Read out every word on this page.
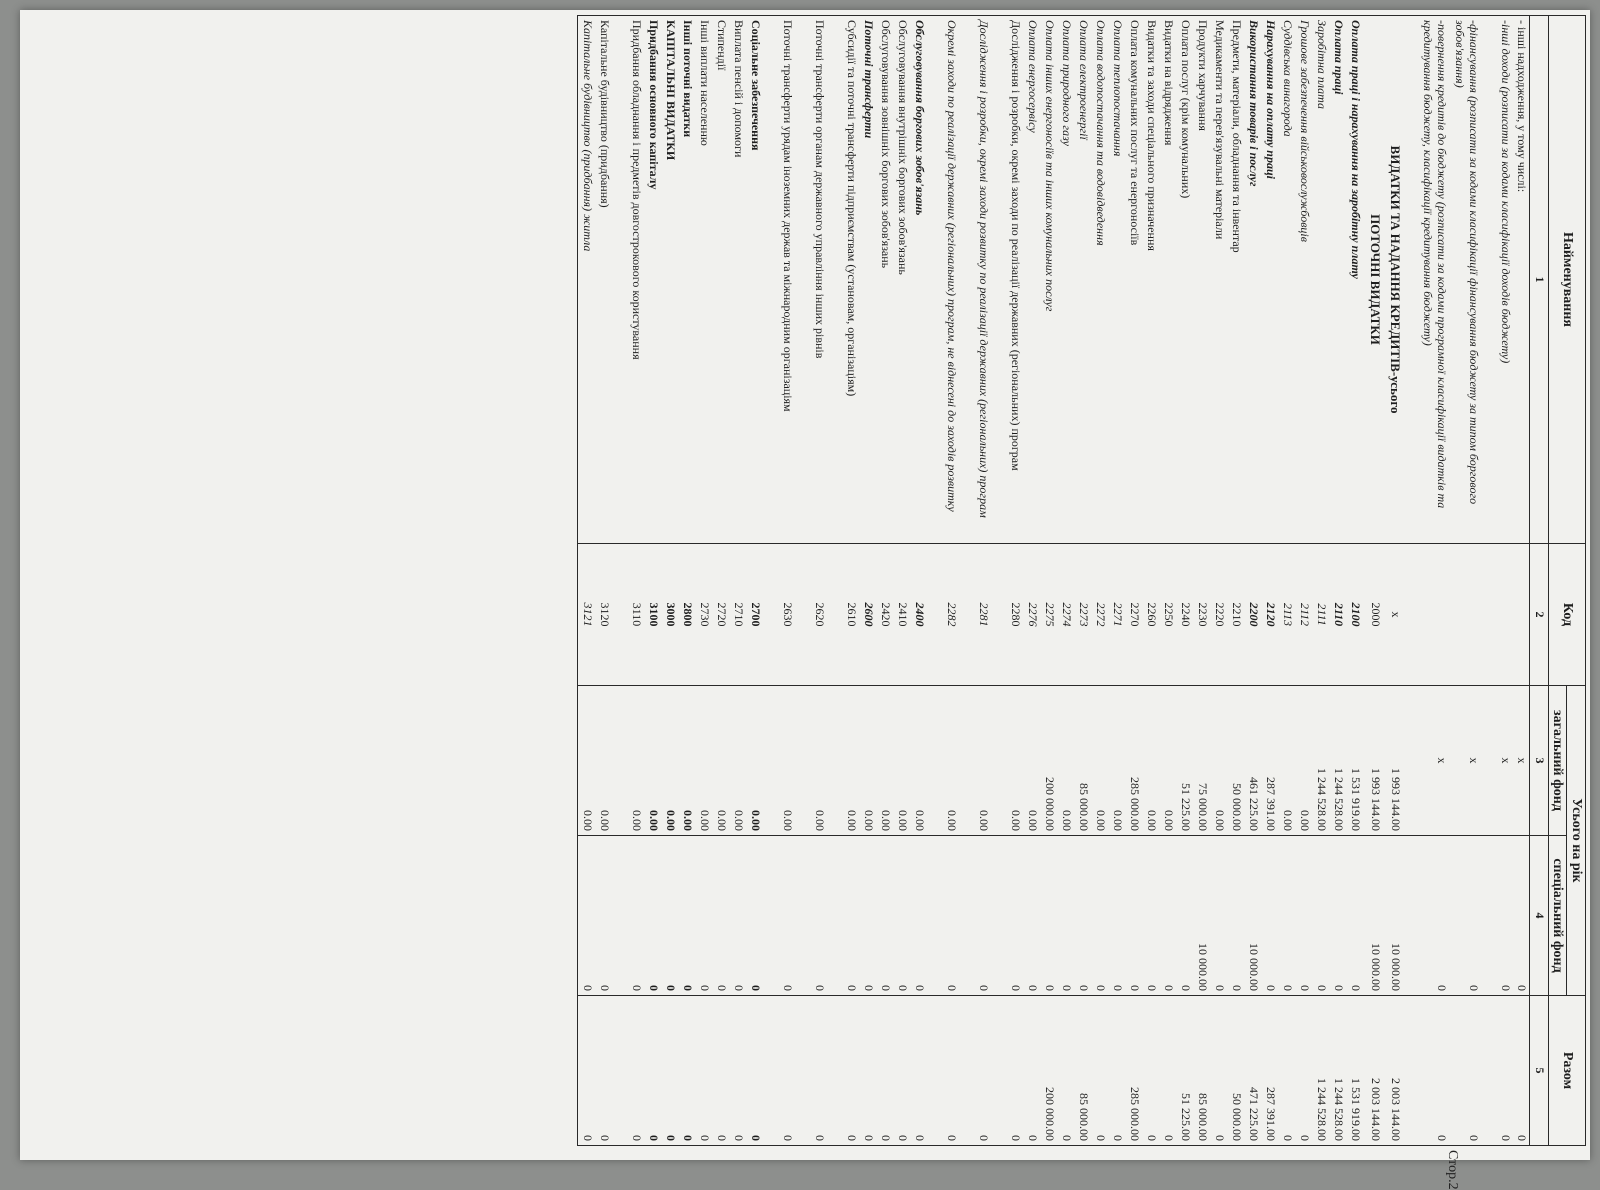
Найменування	Код	Усього на рік		Разом
		загальний фонд	спеціальний фонд	
1	2	3	4	5
- інші надходження, у тому числі:		x	0	0
-інші доходи (розписати за кодами класифікації доходів бюджету)		x	0	0
-фінансування (розписати за кодами класифікації фінансування бюджету за типом боргового зобов'язання)		x	0	0
-повернення кредитів до бюджету (розписати за кодами програмної класифікації видатків та кредитування бюджету, класифікації кредитування бюджету)		x	0	0
ВИДАТКИ ТА НАДАННЯ КРЕДИТІВ-усього	x	1 993 144.00	10 000.00	2 003 144.00
ПОТОЧНІ ВИДАТКИ	2000	1 993 144.00	10 000.00	2 003 144.00
Оплата праці і нарахування на заробітну плату	2100	1 531 919.00	0	1 531 919.00
Оплата праці	2110	1 244 528.00	0	1 244 528.00
Заробітна плата	2111	1 244 528.00	0	1 244 528.00
Грошове забезпечення військовослужбовців	2112	0.00	0	0
Суддівська винагорода	2113	0.00	0	0
Нарахування на оплату праці	2120	287 391.00	0	287 391.00
Використання товарів і послуг	2200	461 225.00	10 000.00	471 225.00
Предмети, матеріали, обладнання та інвентар	2210	50 000.00	0	50 000.00
Медикаменти та перев'язувальні матеріали	2220	0.00	0	0
Продукти харчування	2230	75 000.00	10 000.00	85 000.00
Оплата послуг (крім комунальних)	2240	51 225.00	0	51 225.00
Видатки на відрядження	2250	0.00	0	0
Видатки та заходи спеціального призначення	2260	0.00	0	0
Оплата комунальних послуг та енергоносіїв	2270	285 000.00	0	285 000.00
Оплата теплопостачання	2271	0.00	0	0
Оплата водопостачання та водовідведення	2272	0.00	0	0
Оплата електроенергії	2273	85 000.00	0	85 000.00
Оплата природного газу	2274	0.00	0	0
Оплата інших енергоносіїв та інших комунальних послуг	2275	200 000.00	0	200 000.00
Оплата енергосервісу	2276	0.00	0	0
Дослідження і розробки, окремі заходи по реалізації державних (регіональних) програм	2280	0.00	0	0
Дослідження і розробки, окремі заходи розвитку по реалізації державних (регіональних) програм	2281	0.00	0	0
Окремі заходи по реалізації державних (регіональних) програм, не віднесені до заходів розвитку	2282	0.00	0	0
Обслуговування боргових зобов'язань	2400	0.00	0	0
Обслуговування внутрішніх боргових зобов'язань	2410	0.00	0	0
Обслуговування зовнішніх боргових зобов'язань	2420	0.00	0	0
Поточні трансферти	2600	0.00	0	0
Субсидії та поточні трансферти підприємствам (установам, організаціям)	2610	0.00	0	0
Поточні трансферти органам державного управління інших рівнів	2620	0.00	0	0
Поточні трансферти урядам іноземних держав та міжнародним організаціям	2630	0.00	0	0
Соціальне забезпечення	2700	0.00	0	0
Виплата пенсій і допомоги	2710	0.00	0	0
Стипендії	2720	0.00	0	0
Інші виплати населенню	2730	0.00	0	0
Інші поточні видатки	2800	0.00	0	0
КАПІТАЛЬНІ ВИДАТКИ	3000	0.00	0	0
Придбання основного капіталу	3100	0.00	0	0
Придбання обладнання і предметів довгострокового користування	3110	0.00	0	0
Капітальне будівництво (придбання)	3120	0.00	0	0
Капітальне будівництво (придбання) житла	3121	0.00	0	0
Стор.2
